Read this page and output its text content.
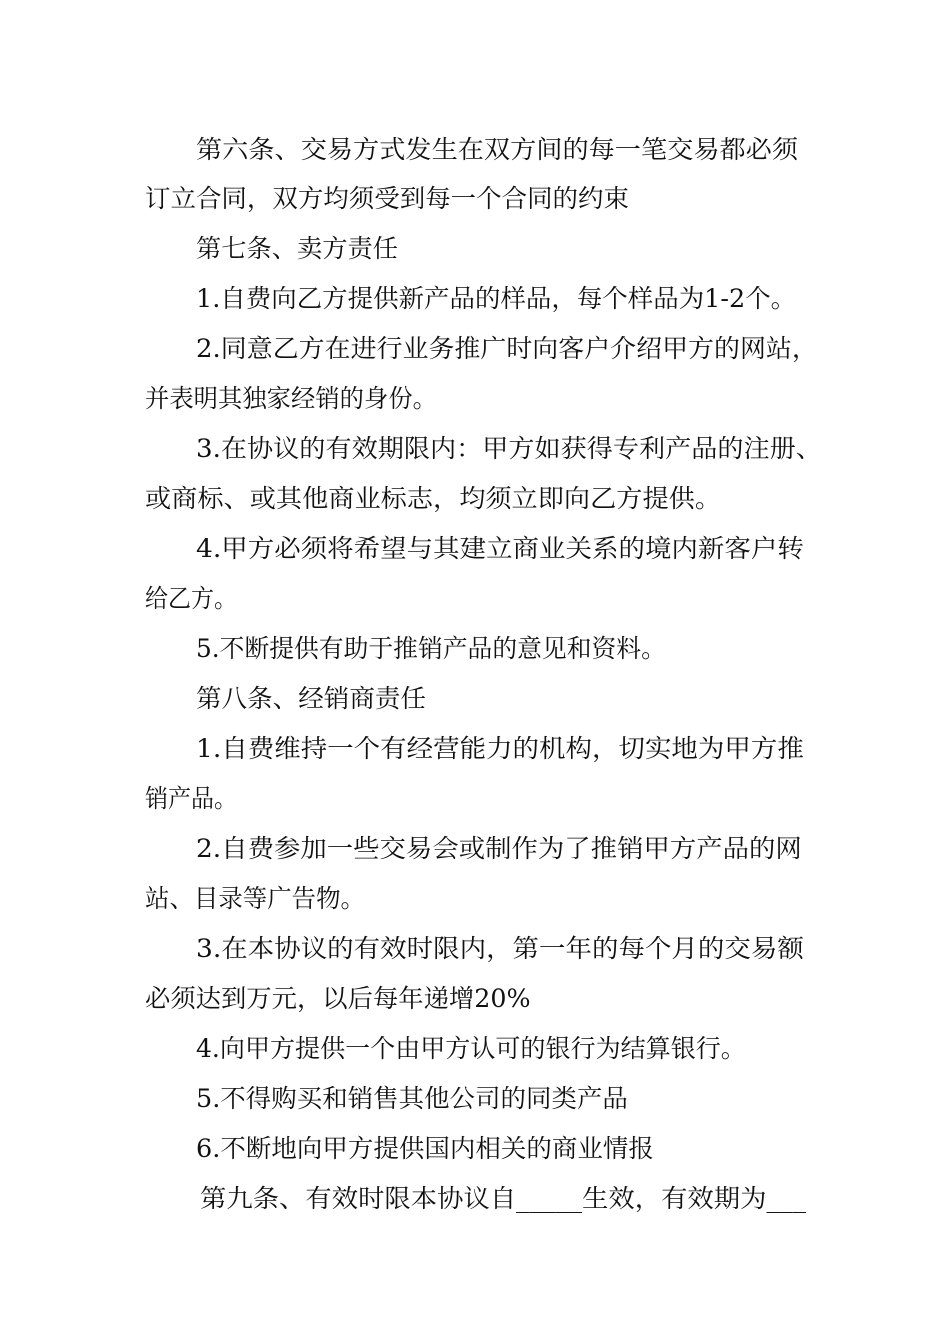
第六条、交易方式发生在双方间的每一笔交易都必须

订立合同，双方均须受到每一个合同的约束

第七条、卖方责任

1.自费向乙方提供新产品的样品，每个样品为1-2个。

2.同意乙方在进行业务推广时向客户介绍甲方的网站，

并表明其独家经销的身份。

3.在协议的有效期限内：甲方如获得专利产品的注册、

或商标、或其他商业标志，均须立即向乙方提供。

4.甲方必须将希望与其建立商业关系的境内新客户转

给乙方。

5.不断提供有助于推销产品的意见和资料。

第八条、经销商责任

1.自费维持一个有经营能力的机构，切实地为甲方推

销产品。

2.自费参加一些交易会或制作为了推销甲方产品的网

站、目录等广告物。

3.在本协议的有效时限内，第一年的每个月的交易额

必须达到万元，以后每年递增20%

4.向甲方提供一个由甲方认可的银行为结算银行。

5.不得购买和销售其他公司的同类产品

6.不断地向甲方提供国内相关的商业情报

第九条、有效时限本协议自_____生效，有效期为___
